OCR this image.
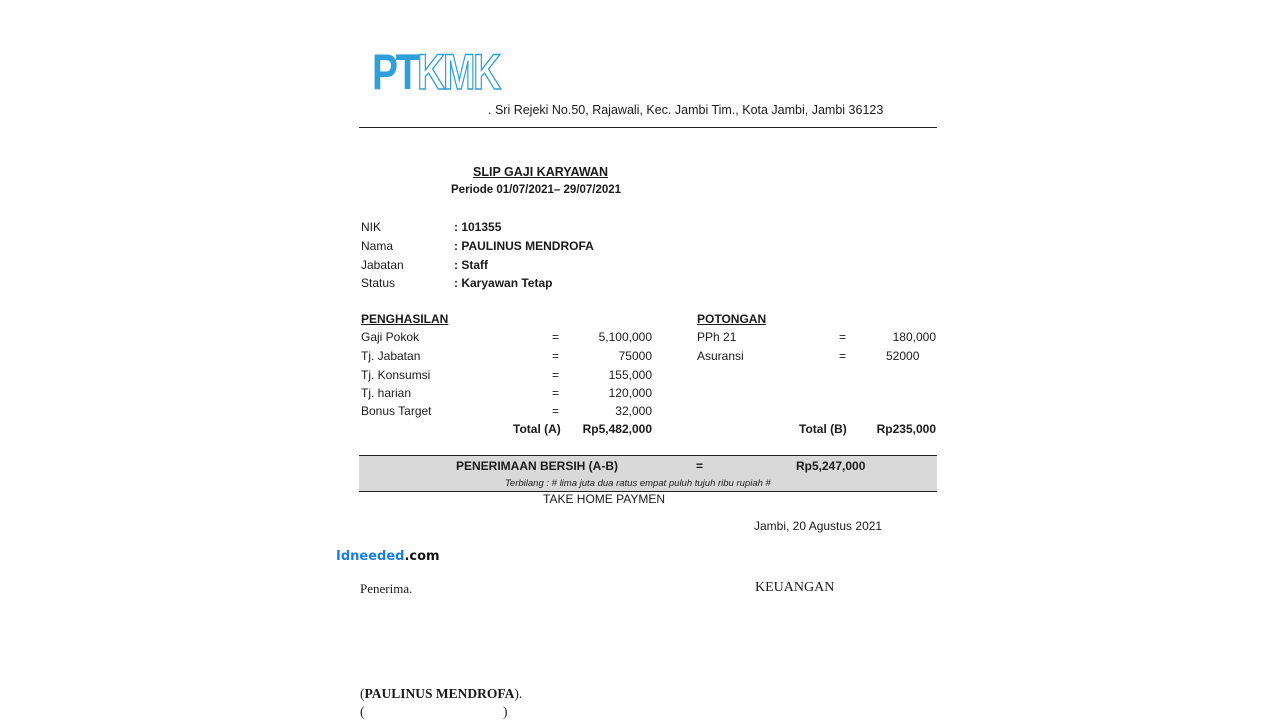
PTKMK
. Sri Rejeki No.50, Rajawali, Kec. Jambi Tim., Kota Jambi, Jambi 36123
SLIP GAJI KARYAWAN
Periode 01/07/2021– 29/07/2021
NIK	: 101355
Nama	: PAULINUS MENDROFA
Jabatan	: Staff
Status	: Karyawan Tetap
PENGHASILAN
Gaji Pokok	=	5,100,000
Tj. Jabatan	=	75000
Tj. Konsumsi	=	155,000
Tj. harian	=	120,000
Bonus Target	=	32,000
Total (A)	Rp5,482,000
POTONGAN
PPh 21	=	180,000
Asuransi	=	52000
Total (B)	Rp235,000
PENERIMAAN BERSIH (A-B)	=	Rp5,247,000
Terbilang : # lima juta dua ratus empat puluh tujuh ribu rupiah #
TAKE HOME PAYMEN
Jambi, 20 Agustus 2021
Idneeded.com
Penerima.	KEUANGAN
(PAULINUS MENDROFA).
(	)
